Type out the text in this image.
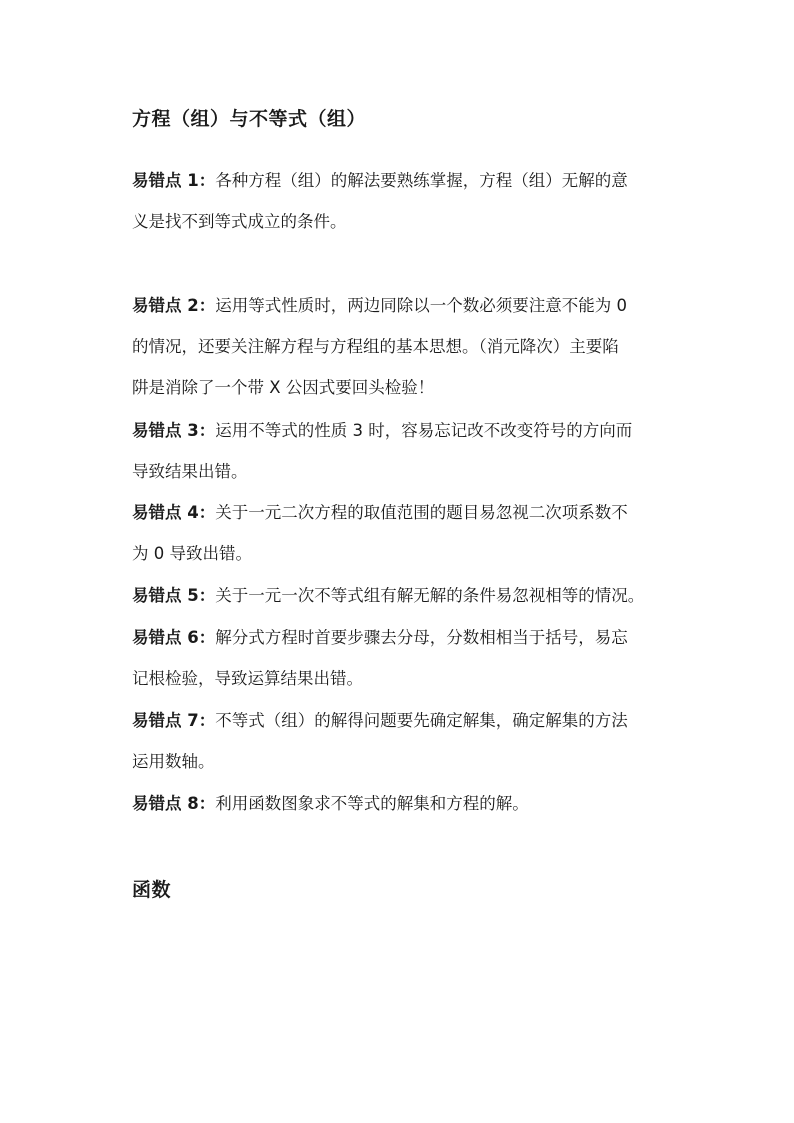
方程（组）与不等式（组）

易错点 1：各种方程（组）的解法要熟练掌握，方程（组）无解的意
义是找不到等式成立的条件。

易错点 2：运用等式性质时，两边同除以一个数必须要注意不能为 0
的情况，还要关注解方程与方程组的基本思想。（消元降次）主要陷
阱是消除了一个带 X 公因式要回头检验！

易错点 3：运用不等式的性质 3 时，容易忘记改不改变符号的方向而
导致结果出错。

易错点 4：关于一元二次方程的取值范围的题目易忽视二次项系数不
为 0 导致出错。

易错点 5：关于一元一次不等式组有解无解的条件易忽视相等的情况。

易错点 6：解分式方程时首要步骤去分母，分数相相当于括号，易忘
记根检验，导致运算结果出错。

易错点 7：不等式（组）的解得问题要先确定解集，确定解集的方法
运用数轴。

易错点 8：利用函数图象求不等式的解集和方程的解。

函数
